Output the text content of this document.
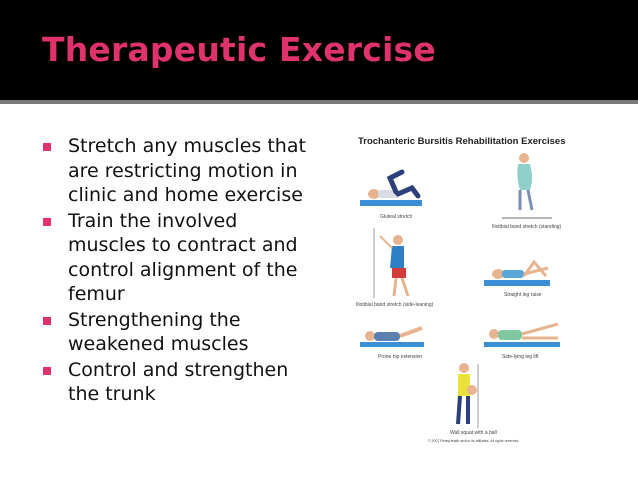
Therapeutic Exercise
Stretch any muscles that are restricting motion in clinic and home exercise
Train the involved muscles to contract and control alignment of the femur
Strengthening the weakened muscles
Control and strengthen the trunk
Trochanteric Bursitis Rehabilitation Exercises
Gluteal stretch
Iliotibial band stretch (standing)
Iliotibial band stretch (side-leaning)
Straight leg raise
Prone hip extension	Side-lying leg lift
Wall squat with a ball
© 2007 RelayHealth and/or its affiliates. All rights reserved.
